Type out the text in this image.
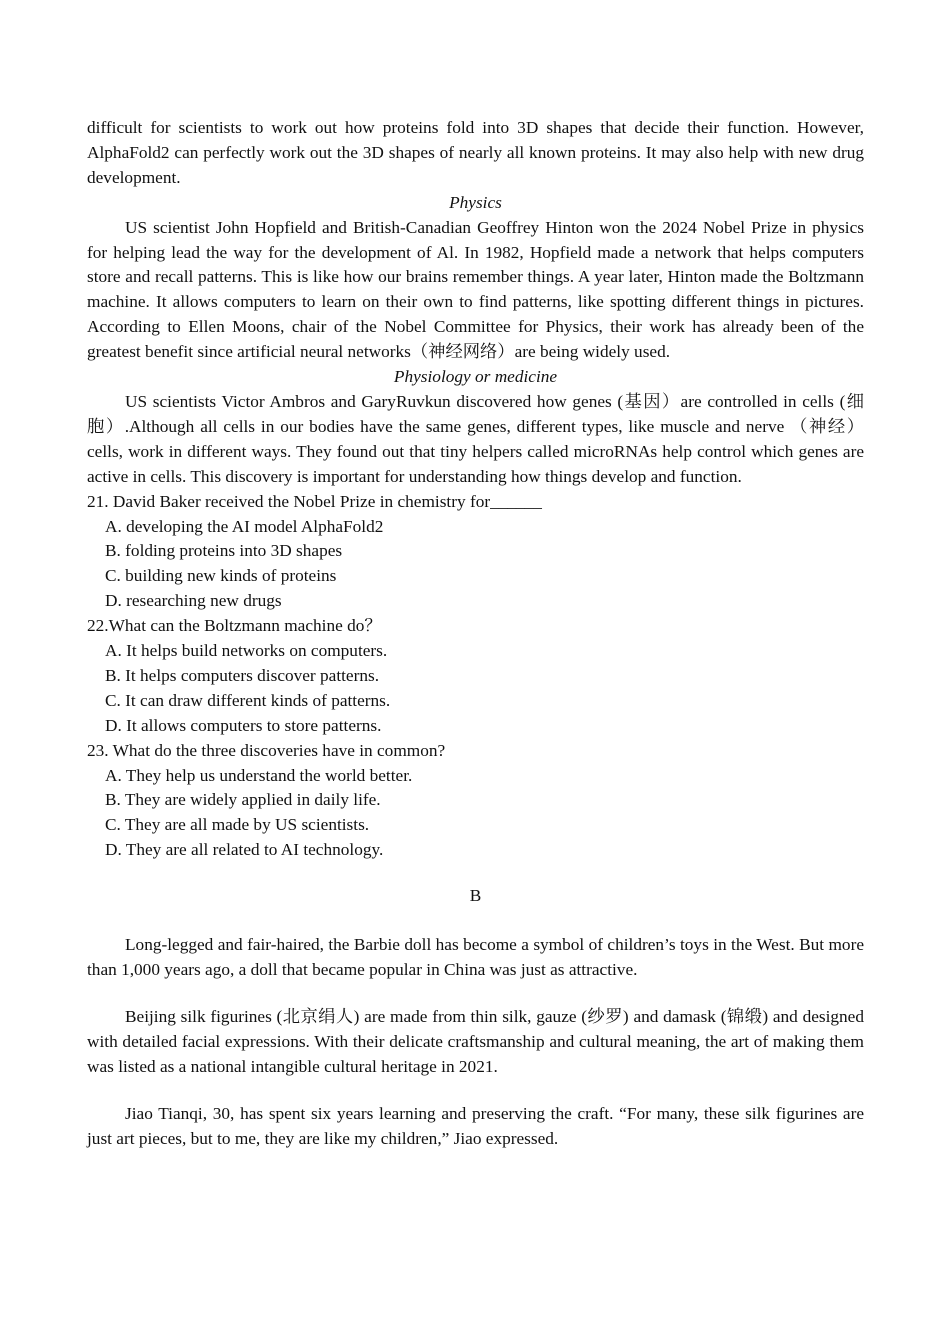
difficult for scientists to work out how proteins fold into 3D shapes that decide their function. However, AlphaFold2 can perfectly work out the 3D shapes of nearly all known proteins. It may also help with new drug development.

Physics

US scientist John Hopfield and British-Canadian Geoffrey Hinton won the 2024 Nobel Prize in physics for helping lead the way for the development of Al. In 1982, Hopfield made a network that helps computers store and recall patterns. This is like how our brains remember things. A year later, Hinton made the Boltzmann machine. It allows computers to learn on their own to find patterns, like spotting different things in pictures. According to Ellen Moons, chair of the Nobel Committee for Physics, their work has already been of the greatest benefit since artificial neural networks（神经网络）are being widely used.

Physiology or medicine

US scientists Victor Ambros and GaryRuvkun discovered how genes (基因）are controlled in cells (细胞）.Although all cells in our bodies have the same genes, different types, like muscle and nerve （神经）cells, work in different ways. They found out that tiny helpers called microRNAs help control which genes are active in cells. This discovery is important for understanding how things develop and function.

21. David Baker received the Nobel Prize in chemistry for______

A. developing the AI model AlphaFold2

B. folding proteins into 3D shapes

C. building new kinds of proteins

D. researching new drugs

22.What can the Boltzmann machine do？

A. It helps build networks on computers.

B. It helps computers discover patterns.

C. It can draw different kinds of patterns.

D. It allows computers to store patterns.

23. What do the three discoveries have in common?

A. They help us understand the world better.

B. They are widely applied in daily life.

C. They are all made by US scientists.

D. They are all related to AI technology.

B

Long-legged and fair-haired, the Barbie doll has become a symbol of children’s toys in the West. But more than 1,000 years ago, a doll that became popular in China was just as attractive.

Beijing silk figurines (北京绢人) are made from thin silk, gauze (纱罗) and damask (锦缎) and designed with detailed facial expressions. With their delicate craftsmanship and cultural meaning, the art of making them was listed as a national intangible cultural heritage in 2021.

Jiao Tianqi, 30, has spent six years learning and preserving the craft. “For many, these silk figurines are just art pieces, but to me, they are like my children,” Jiao expressed.
